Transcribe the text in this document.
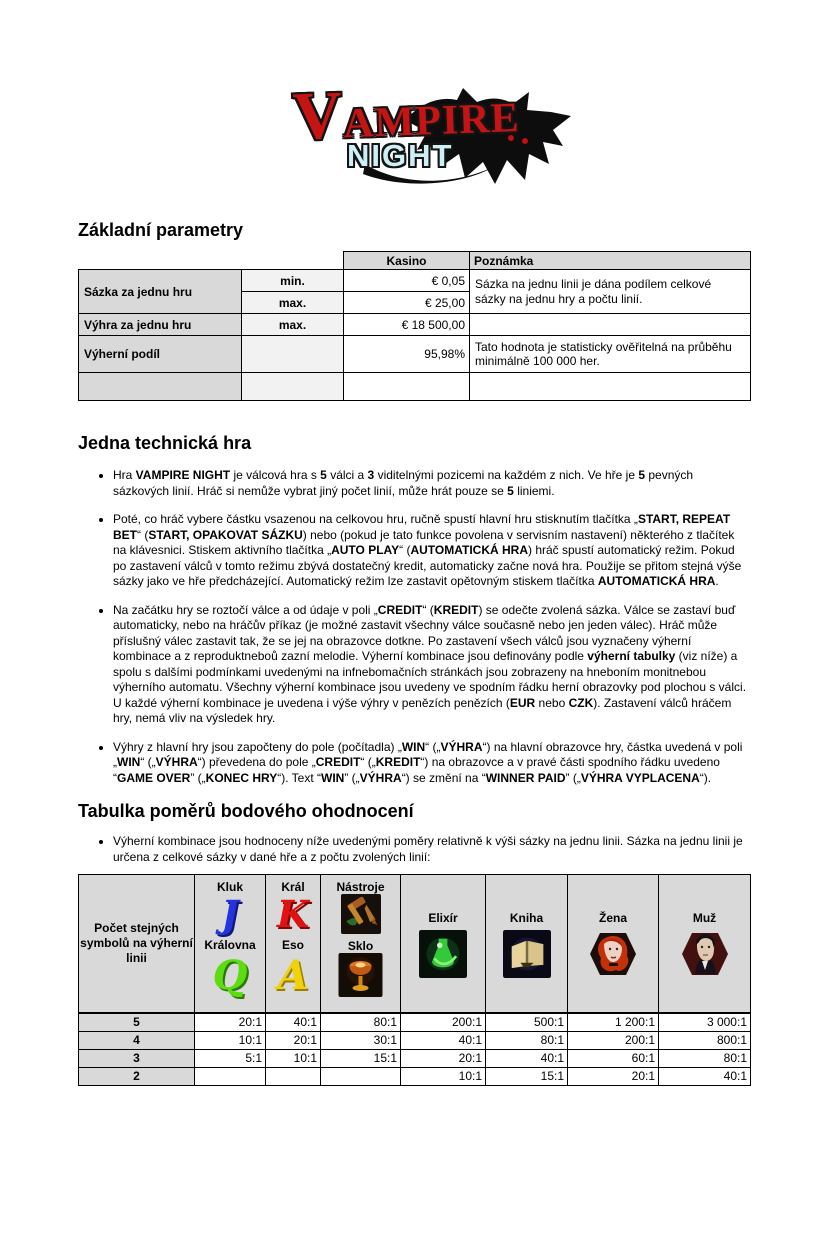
VAMPIRE
NIGHT
Základní parametry
		Kasino	Poznámka
Sázka za jednu hru	min.	€ 0,05	Sázka na jednu linii je dána podílem celkové sázky na jednu hry a počtu linií.
	max.	€ 25,00	
Výhra za jednu hru	max.	€ 18 500,00	
Výherní podíl		95,98%	Tato hodnota je statisticky ověřitelná na průběhu minimálně 100 000 her.

Jedna technická hra
• Hra VAMPIRE NIGHT je válcová hra s 5 válci a 3 viditelnými pozicemi na každém z nich. Ve hře je 5 pevných sázkových linií. Hráč si nemůže vybrat jiný počet linií, může hrát pouze se 5 liniemi.
• Poté, co hráč vybere částku vsazenou na celkovou hru, ručně spustí hlavní hru stisknutím tlačítka „START, REPEAT BET“ (START, OPAKOVAT SÁZKU) nebo (pokud je tato funkce povolena v servisním nastavení) některého z tlačítek na klávesnici. Stiskem aktivního tlačítka „AUTO PLAY“ (AUTOMATICKÁ HRA) hráč spustí automatický režim. Pokud po zastavení válců v tomto režimu zbývá dostatečný kredit, automaticky začne nová hra. Použije se přitom stejná výše sázky jako ve hře předcházející. Automatický režim lze zastavit opětovným stiskem tlačítka AUTOMATICKÁ HRA.
• Na začátku hry se roztočí válce a od údaje v poli „CREDIT“ (KREDIT) se odečte zvolená sázka. Válce se zastaví buď automaticky, nebo na hráčův příkaz (je možné zastavit všechny válce současně nebo jen jeden válec). Hráč může příslušný válec zastavit tak, že se jej na obrazovce dotkne. Po zastavení všech válců jsou vyznačeny výherní kombinace a z reproduktneboů zazní melodie. Výherní kombinace jsou definovány podle výherní tabulky (viz níže) a spolu s dalšími podmínkami uvedenými na infnebomačních stránkách jsou zobrazeny na hneboním monitnebou výherního automatu. Všechny výherní kombinace jsou uvedeny ve spodním řádku herní obrazovky pod plochou s válci. U každé výherní kombinace je uvedena i výše výhry v penězích penězích (EUR nebo CZK). Zastavení válců hráčem hry, nemá vliv na výsledek hry.
• Výhry z hlavní hry jsou započteny do pole (počítadla) „WIN“ („VÝHRA“) na hlavní obrazovce hry, částka uvedená v poli „WIN“ („VÝHRA“) převedena do pole „CREDIT“ („KREDIT“) na obrazovce a v pravé části spodního řádku uvedeno “GAME OVER” („KONEC HRY“). Text “WIN” („VÝHRA“) se změní na “WINNER PAID” („VÝHRA VYPLACENA“).
Tabulka poměrů bodového ohodnocení
• Výherní kombinace jsou hodnoceny níže uvedenými poměry relativně k výši sázky na jednu linii. Sázka na jednu linii je určena z celkové sázky v dané hře a z počtu zvolených linií:
Počet stejných symbolů na výherní linii	Kluk
J
Královna
Q	Král
K
Eso
A	Nástroje
Sklo	Elixír	Kniha	Žena	Muž

5	20:1	40:1	80:1	200:1	500:1	1 200:1	3 000:1
4	10:1	20:1	30:1	40:1	80:1	200:1	800:1
3	5:1	10:1	15:1	20:1	40:1	60:1	80:1
2				10:1	15:1	20:1	40:1
